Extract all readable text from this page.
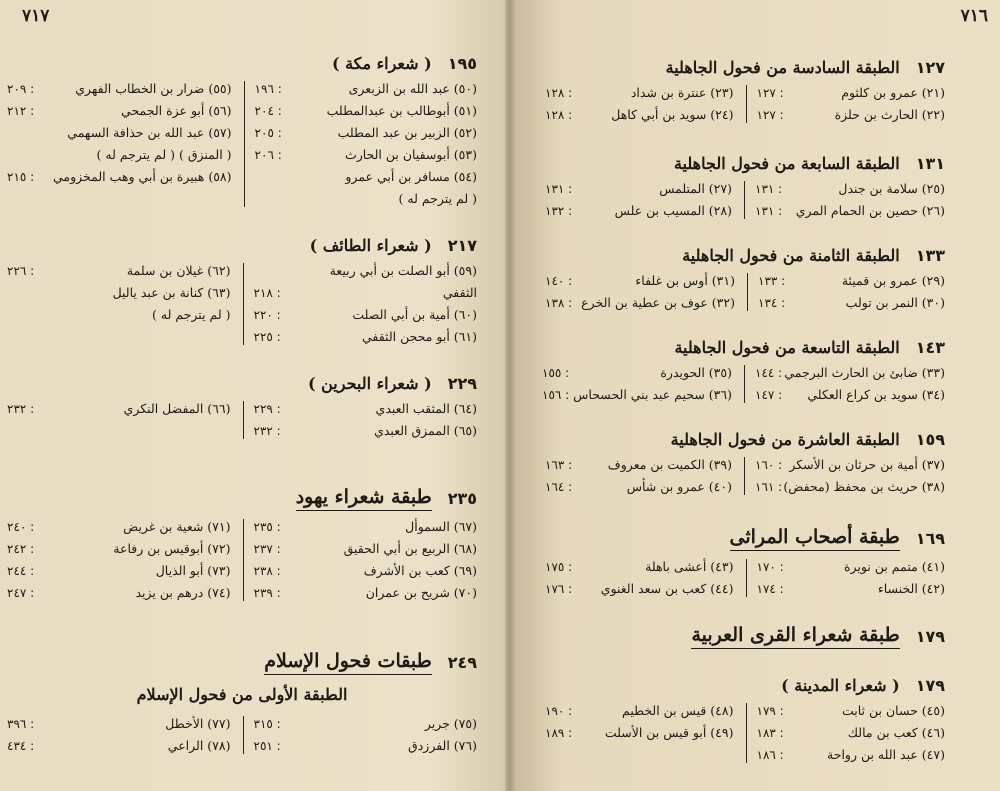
٧١٧
١٩٥
( شعراء مكة )
(٥٠) عبد الله بن الزبعرى
: ١٩٦
(٥١) أبوطالب بن عبدالمطلب
: ٢٠٤
(٥٢) الزبير بن عبد المطلب
: ٢٠٥
(٥٣) أبوسفيان بن الحارث
: ٢٠٦
(٥٤) مسافر بن أبي عمرو
( لم يترجم له )
(٥٥) ضرار بن الخطاب الفهري
: ٢٠٩
(٥٦) أبو عزة الجمحي
: ٢١٢
(٥٧) عبد الله بن حذافة السهمي
( المنزق ) ( لم يترجم له )
(٥٨) هبيرة بن أبي وهب المخزومي
: ٢١٥
٢١٧
( شعراء الطائف )
(٥٩) أبو الصلت بن أبي ربيعة
الثقفي
: ٢١٨
(٦٠) أمية بن أبي الصلت
: ٢٢٠
(٦١) أبو محجن الثقفي
: ٢٢٥
(٦٢) غيلان بن سلمة
: ٢٢٦
(٦٣) كنانة بن عبد ياليل
( لم يترجم له )
٢٢٩
( شعراء البحرين )
(٦٤) المثقب العبدي
: ٢٢٩
(٦٥) الممزق العبدي
: ٢٣٢
(٦٦) المفضل النكري
: ٢٣٢
٢٣٥
طبقة شعراء يهود
(٦٧) السموأل
: ٢٣٥
(٦٨) الربيع بن أبي الحقيق
: ٢٣٧
(٦٩) كعب بن الأشرف
: ٢٣٨
(٧٠) شريح بن عمران
: ٢٣٩
(٧١) شعية بن غريض
: ٢٤٠
(٧٢) أبوقيس بن رفاعة
: ٢٤٢
(٧٣) أبو الذيال
: ٢٤٤
(٧٤) درهم بن يزيد
: ٢٤٧
٢٤٩
طبقات فحول الإسلام
الطبقة الأولى من فحول الإسلام
(٧٥) جرير
: ٣١٥
(٧٦) الفرزدق
: ٢٥١
(٧٧) الأخطل
: ٣٩٦
(٧٨) الراعي
: ٤٣٤
٧١٦
١٢٧
الطبقة السادسة من فحول الجاهلية
(٢١) عمرو بن كلثوم
: ١٢٧
(٢٢) الحارث بن حلزة
: ١٢٧
(٢٣) عنترة بن شداد
: ١٢٨
(٢٤) سويد بن أبي كاهل
: ١٢٨
١٣١
الطبقة السابعة من فحول الجاهلية
(٢٥) سلامة بن جندل
: ١٣١
(٢٦) حصين بن الحمام المري
: ١٣١
(٢٧) المتلمس
: ١٣١
(٢٨) المسيب بن علس
: ١٣٢
١٣٣
الطبقة الثامنة من فحول الجاهلية
(٢٩) عمرو بن قميئة
: ١٣٣
(٣٠) النمر بن تولب
: ١٣٤
(٣١) أوس بن غلفاء
: ١٤٠
(٣٢) عوف بن عطية بن الخرع
: ١٣٨
١٤٣
الطبقة التاسعة من فحول الجاهلية
(٣٣) ضابئ بن الحارث البرجمي
: ١٤٤
(٣٤) سويد بن كراع العكلي
: ١٤٧
(٣٥) الحويدرة
: ١٥٥
(٣٦) سحيم عبد بني الحسحاس
: ١٥٦
١٥٩
الطبقة العاشرة من فحول الجاهلية
(٣٧) أمية بن حرثان بن الأسكر
: ١٦٠
(٣٨) حريث بن محفظ (محفض)
: ١٦١
(٣٩) الكميت بن معروف
: ١٦٣
(٤٠) عمرو بن شأس
: ١٦٤
١٦٩
طبقة أصحاب المراثى
(٤١) متمم بن نويرة
: ١٧٠
(٤٢) الخنساء
: ١٧٤
(٤٣) أعشى باهلة
: ١٧٥
(٤٤) كعب بن سعد الغنوي
: ١٧٦
١٧٩
طبقة شعراء القرى العربية
١٧٩
( شعراء المدينة )
(٤٥) حسان بن ثابت
: ١٧٩
(٤٦) كعب بن مالك
: ١٨٣
(٤٧) عبد الله بن رواحة
: ١٨٦
(٤٨) قيس بن الخطيم
: ١٩٠
(٤٩) أبو قيس بن الأسلت
: ١٨٩
